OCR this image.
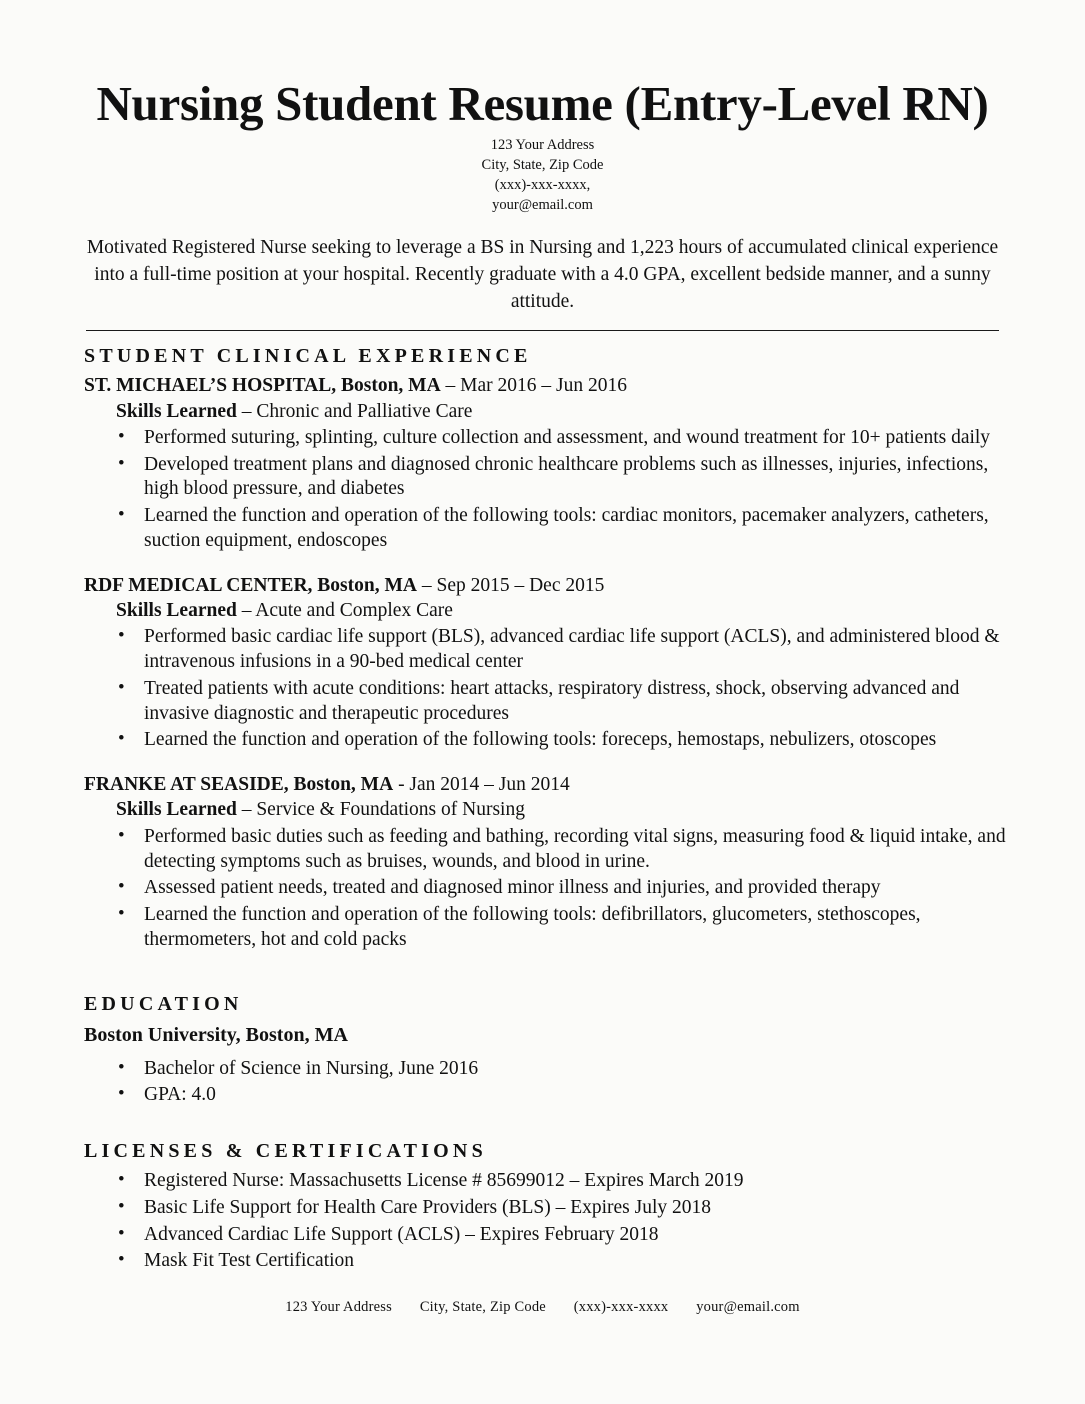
Nursing Student Resume (Entry-Level RN)
123 Your Address
City, State, Zip Code
(xxx)-xxx-xxxx,
your@email.com

Motivated Registered Nurse seeking to leverage a BS in Nursing and 1,223 hours of accumulated clinical experience into a full-time position at your hospital. Recently graduate with a 4.0 GPA, excellent bedside manner, and a sunny attitude.

STUDENT CLINICAL EXPERIENCE
ST. MICHAEL’S HOSPITAL, Boston, MA – Mar 2016 – Jun 2016
Skills Learned – Chronic and Palliative Care
• Performed suturing, splinting, culture collection and assessment, and wound treatment for 10+ patients daily
• Developed treatment plans and diagnosed chronic healthcare problems such as illnesses, injuries, infections, high blood pressure, and diabetes
• Learned the function and operation of the following tools: cardiac monitors, pacemaker analyzers, catheters, suction equipment, endoscopes
RDF MEDICAL CENTER, Boston, MA – Sep 2015 – Dec 2015
Skills Learned – Acute and Complex Care
• Performed basic cardiac life support (BLS), advanced cardiac life support (ACLS), and administered blood & intravenous infusions in a 90-bed medical center
• Treated patients with acute conditions: heart attacks, respiratory distress, shock, observing advanced and invasive diagnostic and therapeutic procedures
• Learned the function and operation of the following tools: foreceps, hemostaps, nebulizers, otoscopes
FRANKE AT SEASIDE, Boston, MA - Jan 2014 – Jun 2014
Skills Learned – Service & Foundations of Nursing
• Performed basic duties such as feeding and bathing, recording vital signs, measuring food & liquid intake, and detecting symptoms such as bruises, wounds, and blood in urine.
• Assessed patient needs, treated and diagnosed minor illness and injuries, and provided therapy
• Learned the function and operation of the following tools: defibrillators, glucometers, stethoscopes, thermometers, hot and cold packs
EDUCATION
Boston University, Boston, MA
• Bachelor of Science in Nursing, June 2016
• GPA: 4.0
LICENSES & CERTIFICATIONS
• Registered Nurse: Massachusetts License # 85699012 – Expires March 2019
• Basic Life Support for Health Care Providers (BLS) – Expires July 2018
• Advanced Cardiac Life Support (ACLS) – Expires February 2018
• Mask Fit Test Certification
123 Your Address City, State, Zip Code (xxx)-xxx-xxxx your@email.com
